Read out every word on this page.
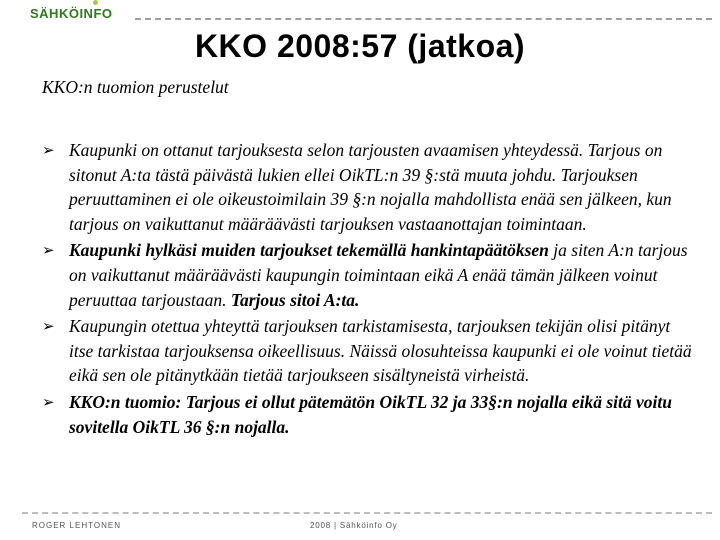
SÄHKÖINFO
KKO 2008:57 (jatkoa)
KKO:n tuomion perustelut
➢ Kaupunki on ottanut tarjouksesta selon tarjousten avaamisen yhteydessä. Tarjous on sitonut A:ta tästä päivästä lukien ellei OikTL:n 39 §:stä muuta johdu. Tarjouksen peruuttaminen ei ole oikeustoimilain 39 §:n nojalla mahdollista enää sen jälkeen, kun tarjous on vaikuttanut määräävästi tarjouksen vastaanottajan toimintaan.
➢ Kaupunki hylkäsi muiden tarjoukset tekemällä hankintapäätöksen ja siten A:n tarjous on vaikuttanut määräävästi kaupungin toimintaan eikä A enää tämän jälkeen voinut peruuttaa tarjoustaan. Tarjous sitoi A:ta.
➢ Kaupungin otettua yhteyttä tarjouksen tarkistamisesta, tarjouksen tekijän olisi pitänyt itse tarkistaa tarjouksensa oikeellisuus. Näissä olosuhteissa kaupunki ei ole voinut tietää eikä sen ole pitänytkään tietää tarjoukseen sisältyneistä virheistä.
➢ KKO:n tuomio: Tarjous ei ollut pätemätön OikTL 32 ja 33§:n nojalla eikä sitä voitu sovitella OikTL 36 §:n nojalla.
ROGER LEHTONEN	2008 | Sähköinfo Oy
